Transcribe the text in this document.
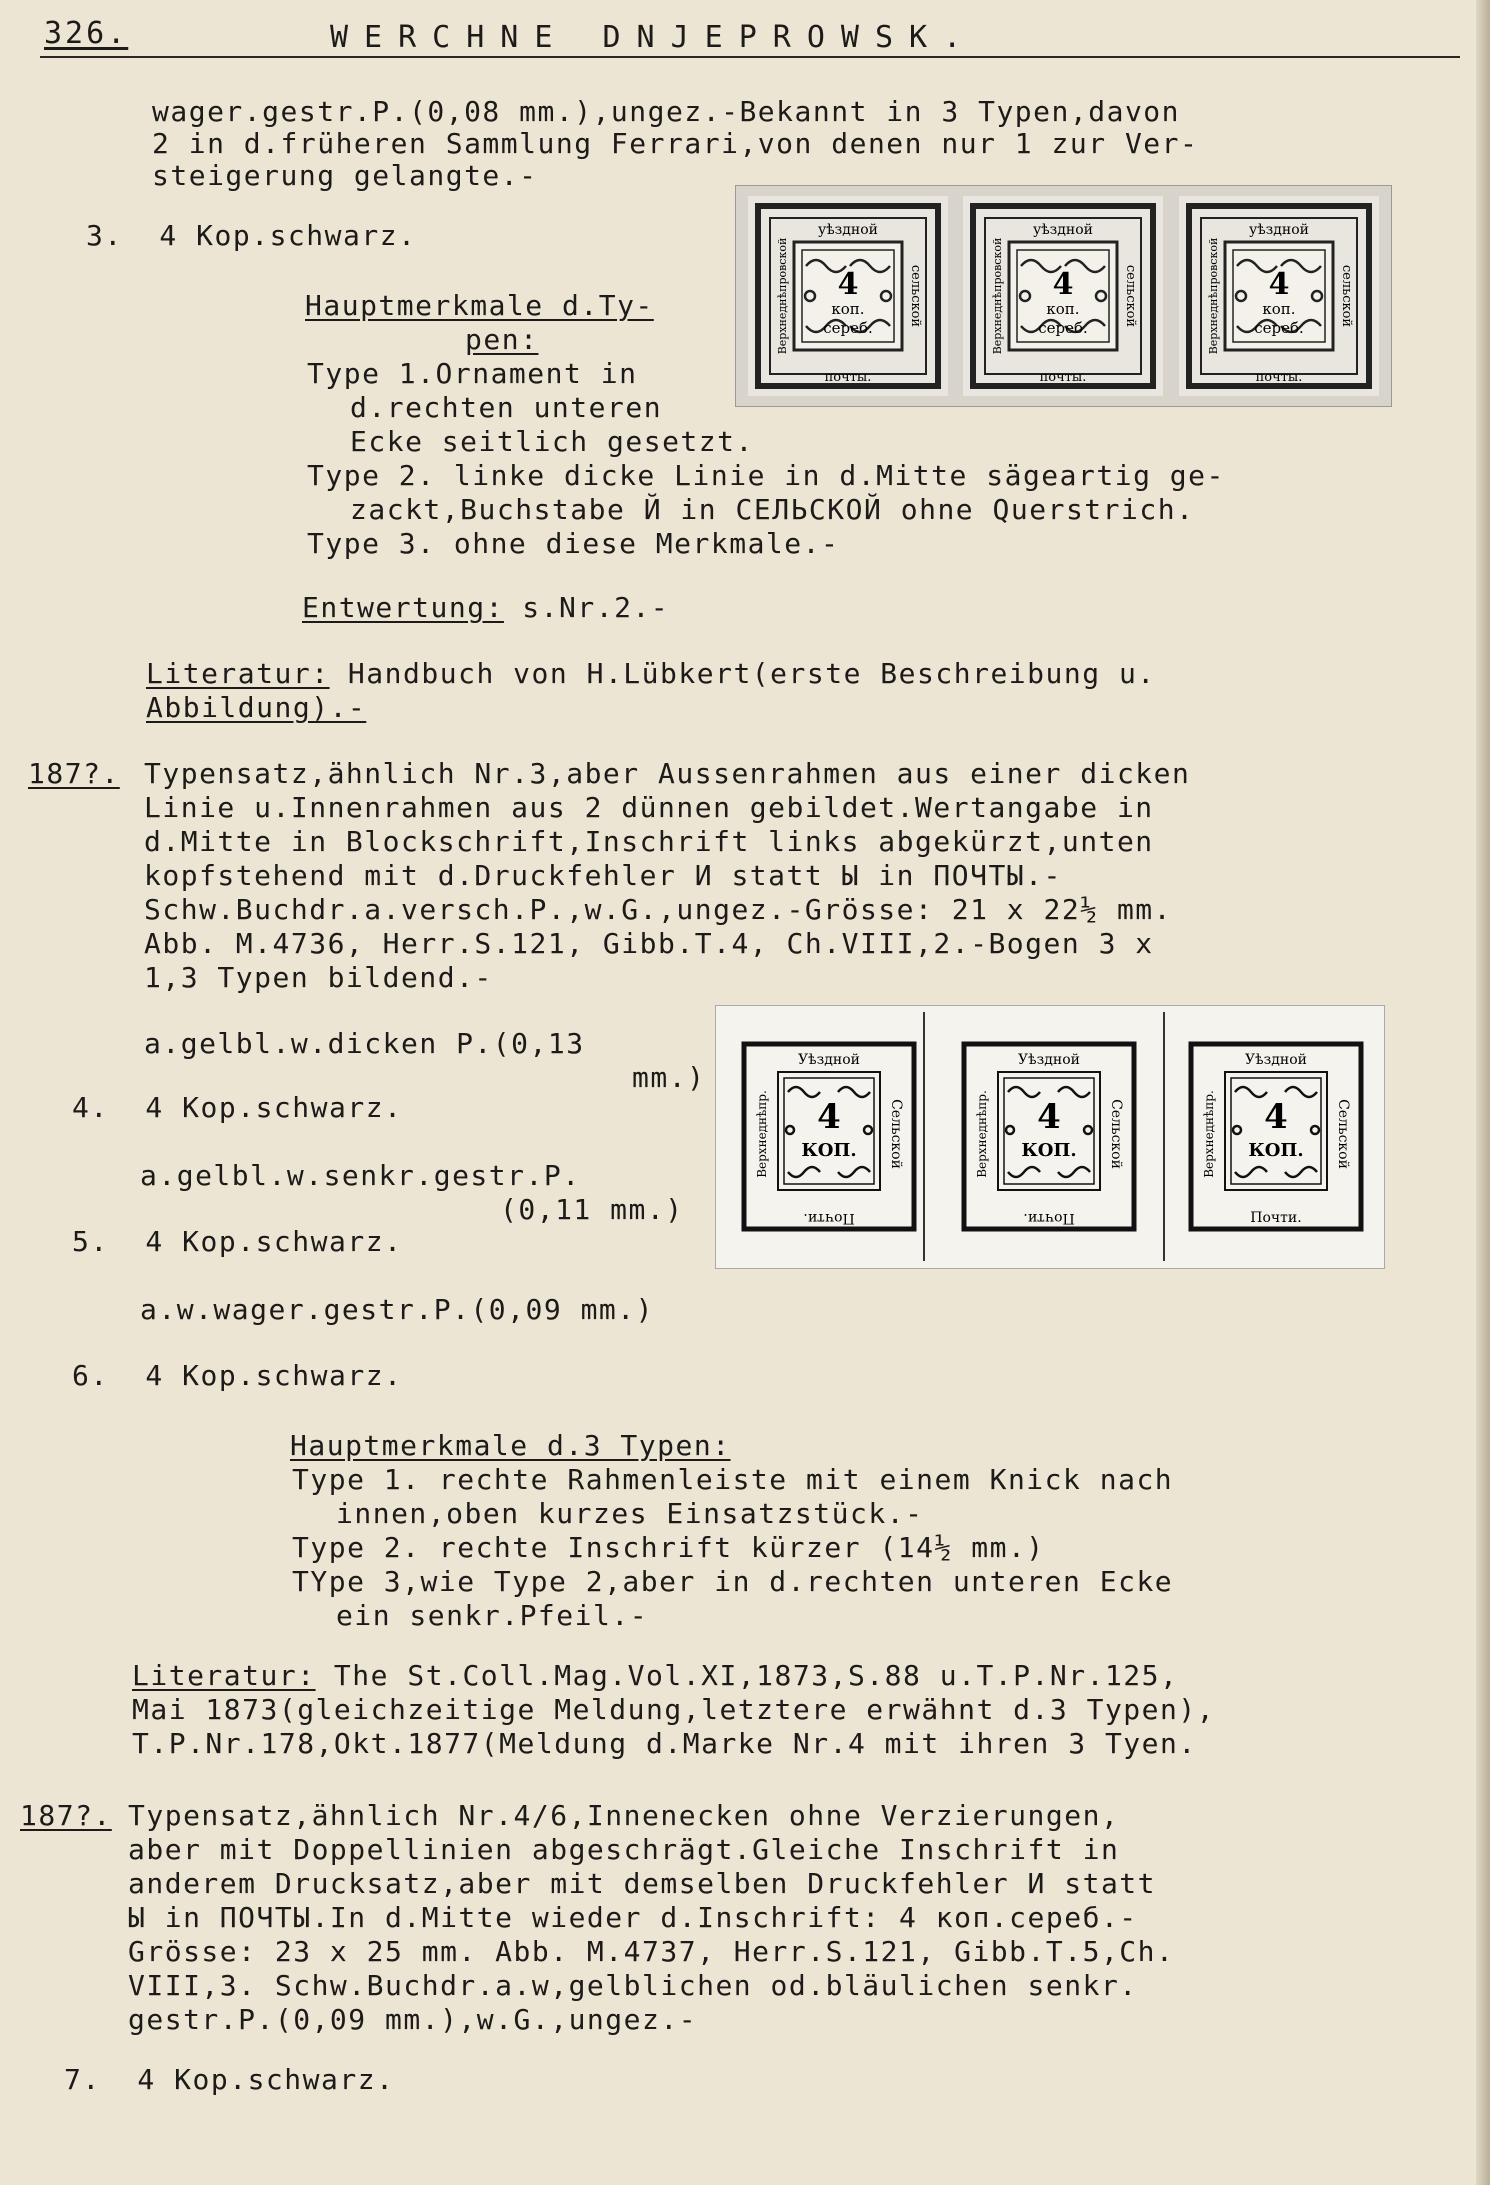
326.	WERCHNE DNJEPROWSK.
wager.gestr.P.(0,08 mm.),ungez.-Bekannt in 3 Typen,davon
2 in d.früheren Sammlung Ferrari,von denen nur 1 zur Ver-
steigerung gelangte.-
3.  4 Kop.schwarz.
Hauptmerkmale d.Ty-
pen:
Type 1.Ornament in
d.rechten unteren
Ecke seitlich gesetzt.
Type 2. linke dicke Linie in d.Mitte sägeartig ge-
zackt,Buchstabe Й in СЕЛЬСКОЙ ohne Querstrich.
Type 3. ohne diese Merkmale.-
Entwertung: s.Nr.2.-
Literatur: Handbuch von H.Lübkert(erste Beschreibung u.
Abbildung).-
уѣздной
почты.
Верхнеднѣпровской	сельской
4
коп.
сереб.
уѣздной
почты.
Верхнеднѣпровской	сельской
4
коп.
сереб.
уѣздной
почты.
Верхнеднѣпровской	сельской
4
коп.
сереб.
187?. Typensatz,ähnlich Nr.3,aber Aussenrahmen aus einer dicken
Linie u.Innenrahmen aus 2 dünnen gebildet.Wertangabe in
d.Mitte in Blockschrift,Inschrift links abgekürzt,unten
kopfstehend mit d.Druckfehler И statt Ы in ПОЧТЫ.-
Schw.Buchdr.a.versch.P.,w.G.,ungez.-Grösse: 21 x 22½ mm.
Abb. M.4736, Herr.S.121, Gibb.T.4, Ch.VIII,2.-Bogen 3 x
1,3 Typen bildend.-
a.gelbl.w.dicken P.(0,13
mm.)
4.  4 Kop.schwarz.
a.gelbl.w.senkr.gestr.P.
(0,11 mm.)
5.  4 Kop.schwarz.
a.w.wager.gestr.P.(0,09 mm.)
6.  4 Kop.schwarz.
Hauptmerkmale d.3 Typen:
Type 1. rechte Rahmenleiste mit einem Knick nach
innen,oben kurzes Einsatzstück.-
Type 2. rechte Inschrift kürzer (14½ mm.)
TYpe 3,wie Type 2,aber in d.rechten unteren Ecke
ein senkr.Pfeil.-
Literatur: The St.Coll.Mag.Vol.XI,1873,S.88 u.T.P.Nr.125,
Mai 1873(gleichzeitige Meldung,letztere erwähnt d.3 Typen),
T.P.Nr.178,Okt.1877(Meldung d.Marke Nr.4 mit ihren 3 Tyen.
Уѣздной
Почти.
Верхнеднѣпр.	Сельской
4
КОП.
Уѣздной
Почти.
Верхнеднѣпр.	Сельской
4
КОП.
Уѣздной
Почти.
Верхнеднѣпр.	Сельской
4
КОП.
187?. Typensatz,ähnlich Nr.4/6,Innenecken ohne Verzierungen,
aber mit Doppellinien abgeschrägt.Gleiche Inschrift in
anderem Drucksatz,aber mit demselben Druckfehler И statt
Ы in ПОЧТЫ.In d.Mitte wieder d.Inschrift: 4 коп.сереб.-
Grösse: 23 x 25 mm. Abb. M.4737, Herr.S.121, Gibb.T.5,Ch.
VIII,3. Schw.Buchdr.a.w,gelblichen od.bläulichen senkr.
gestr.P.(0,09 mm.),w.G.,ungez.-
7.  4 Kop.schwarz.
